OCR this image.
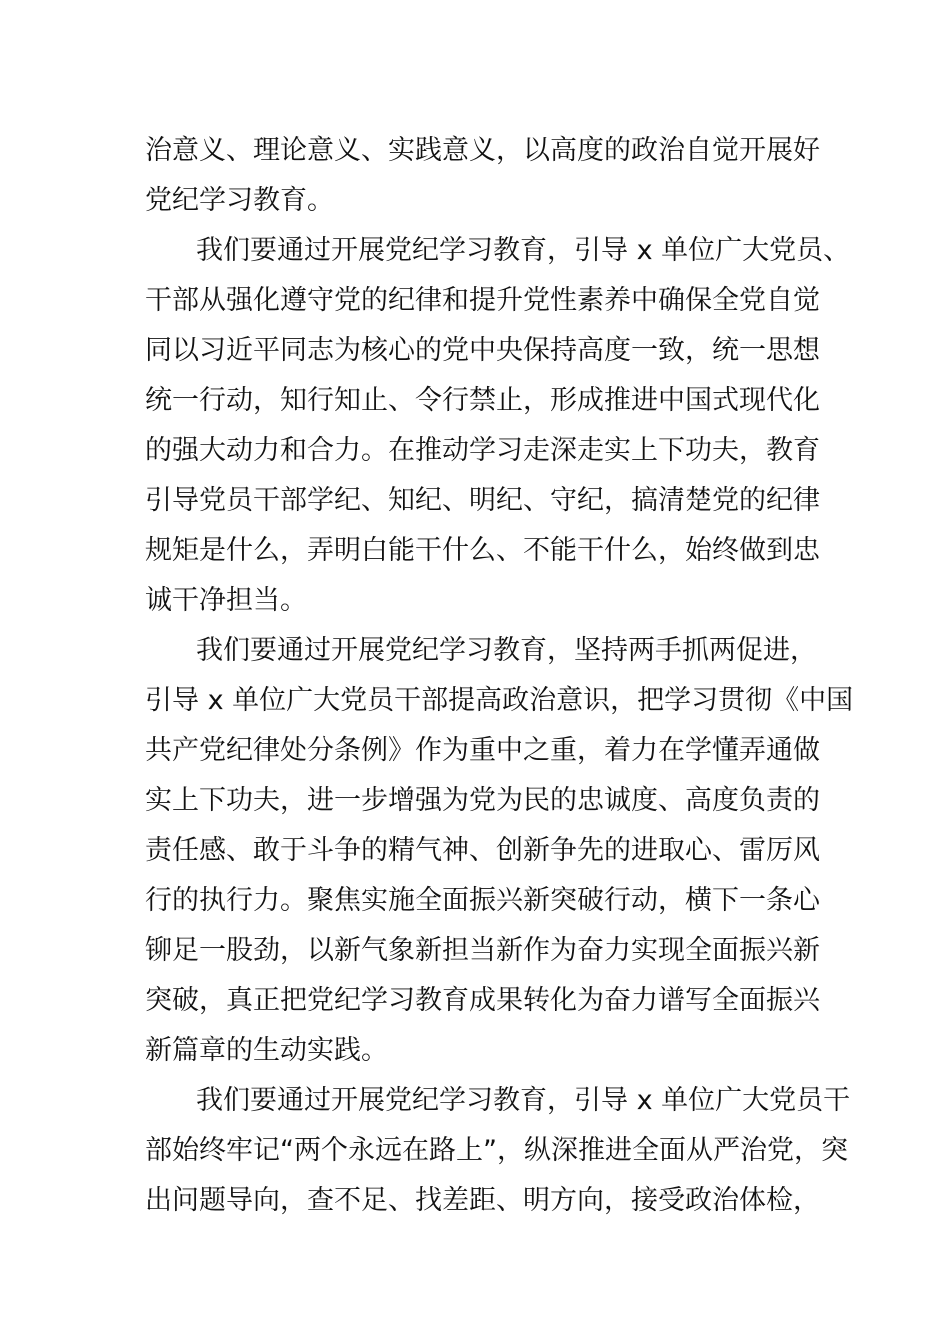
治意义、理论意义、实践意义，以高度的政治自觉开展好
党纪学习教育。
我们要通过开展党纪学习教育，引导 x 单位广大党员、
干部从强化遵守党的纪律和提升党性素养中确保全党自觉
同以习近平同志为核心的党中央保持高度一致，统一思想
统一行动，知行知止、令行禁止，形成推进中国式现代化
的强大动力和合力。在推动学习走深走实上下功夫，教育
引导党员干部学纪、知纪、明纪、守纪，搞清楚党的纪律
规矩是什么，弄明白能干什么、不能干什么，始终做到忠
诚干净担当。
我们要通过开展党纪学习教育，坚持两手抓两促进，
引导 x 单位广大党员干部提高政治意识，把学习贯彻《中国
共产党纪律处分条例》作为重中之重，着力在学懂弄通做
实上下功夫，进一步增强为党为民的忠诚度、高度负责的
责任感、敢于斗争的精气神、创新争先的进取心、雷厉风
行的执行力。聚焦实施全面振兴新突破行动，横下一条心
铆足一股劲，以新气象新担当新作为奋力实现全面振兴新
突破，真正把党纪学习教育成果转化为奋力谱写全面振兴
新篇章的生动实践。
我们要通过开展党纪学习教育，引导 x 单位广大党员干
部始终牢记“两个永远在路上”，纵深推进全面从严治党，突
出问题导向，查不足、找差距、明方向，接受政治体检，
